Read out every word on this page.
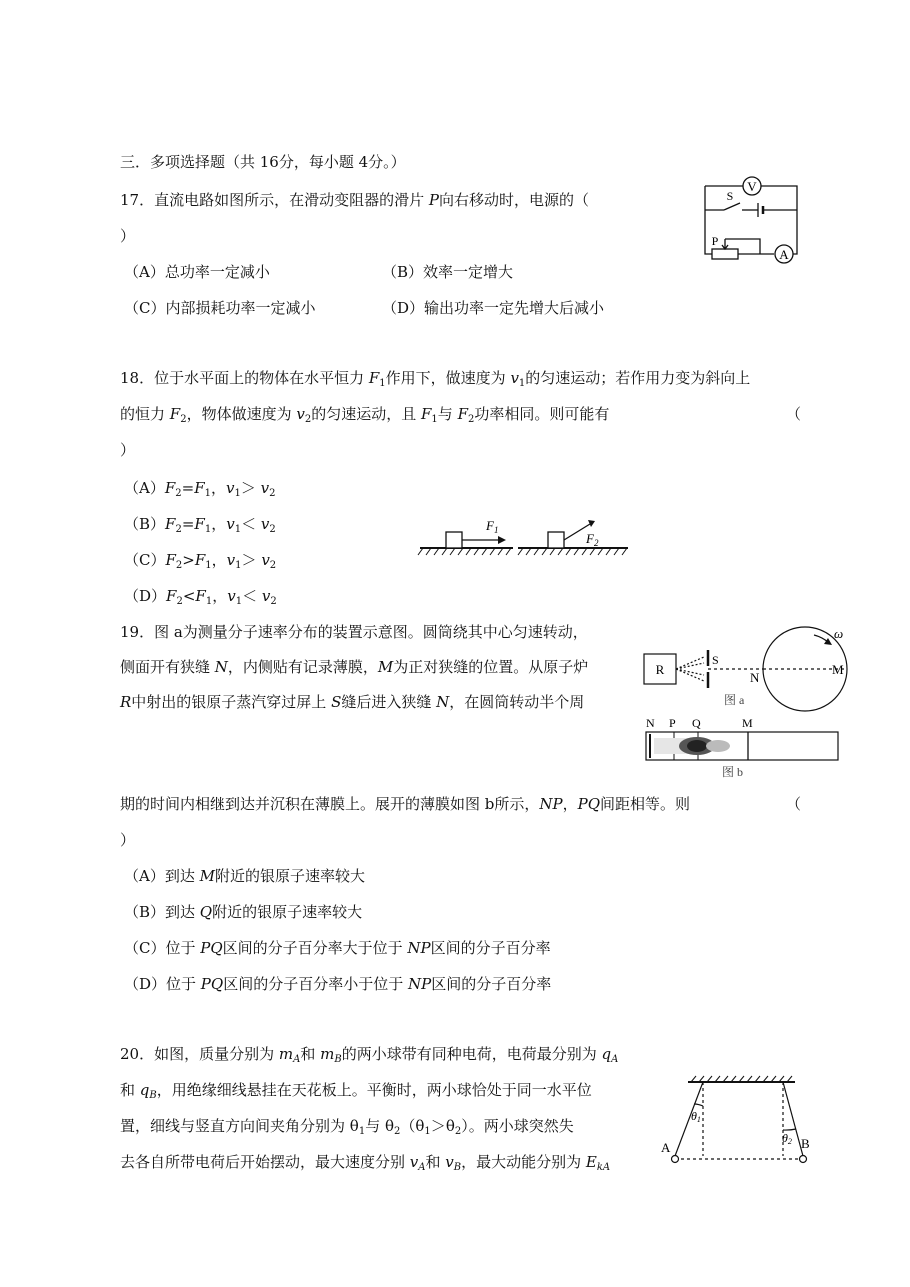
三．多项选择题（共 16分，每小题 4分。）
17．直流电路如图所示，在滑动变阻器的滑片 P向右移动时，电源的（
）
（A）总功率一定减小	（B）效率一定增大
（C）内部损耗功率一定减小	（D）输出功率一定先增大后减小
V
S
P
A
18．位于水平面上的物体在水平恒力 $F_1$作用下，做速度为 $v_1$的匀速运动；若作用力变为斜向上
的恒力 $F_2$，物体做速度为 $v_2$的匀速运动，且 $F_1$与 $F_2$功率相同。则可能有	（
）
$(A)F_2=F_1$，$v_1> v_2$
$(B)F_2=F_1$，$v_1< v_2$
$(C)F_2>F_1$，$v_1> v_2$
$(D)F_2<F_1$，$v_1< v_2$
$F_1$
$F_2$
19．图 a为测量分子速率分布的装置示意图。圆筒绕其中心匀速转动，
侧面开有狭缝 N，内侧贴有记录薄膜，M为正对狭缝的位置。从原子炉
R中射出的银原子蒸汽穿过屏上 S缝后进入狭缝 N，在圆筒转动半个周
期的时间内相继到达并沉积在薄膜上。展开的薄膜如图 b所示，NP，PQ间距相等。则	（
）
（A）到达 M附近的银原子速率较大
（B）到达 Q附近的银原子速率较大
（C）位于 PQ区间的分子百分率大于位于 NP区间的分子百分率
（D）位于 PQ区间的分子百分率小于位于 NP区间的分子百分率
R
S
N
M
ω
图 a
N P Q	M
图 b
20．如图，质量分别为 $m_A$和 $m_B$的两小球带有同种电荷，电荷最分别为 $q_A$
和 $q_B$，用绝缘细线悬挂在天花板上。平衡时，两小球恰处于同一水平位
置，细线与竖直方向间夹角分别为 $\theta_1$与 $\theta_2(\theta_1>\theta_2)$。两小球突然失
去各自所带电荷后开始摆动，最大速度分别 $v_A$和 $v_B$，最大动能分别为 $E_{kA}$
A	B
θ1
θ2
